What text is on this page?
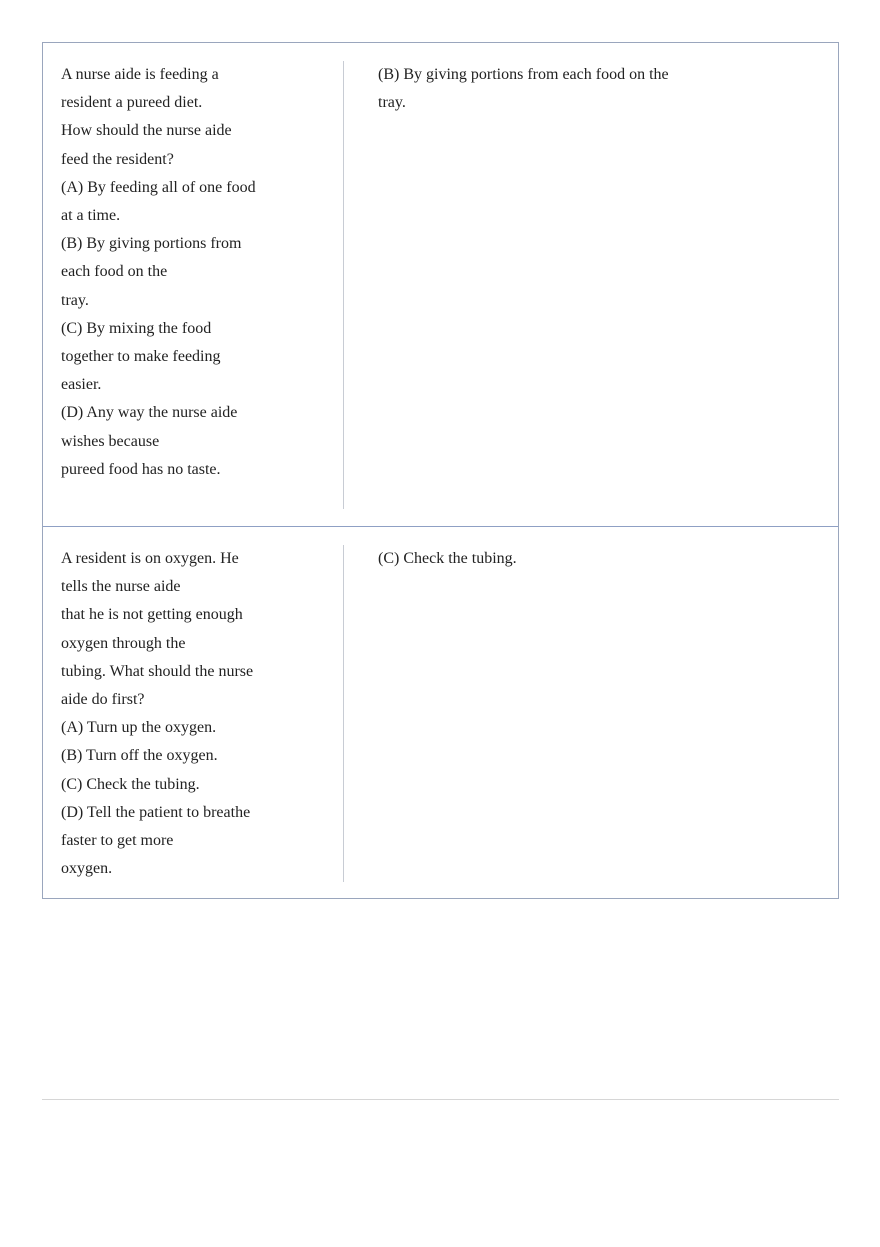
A nurse aide is feeding a
resident a pureed diet.
How should the nurse aide
feed the resident?
(A) By feeding all of one food
at a time.
(B) By giving portions from
each food on the
tray.
(C) By mixing the food
together to make feeding
easier.
(D) Any way the nurse aide
wishes because
pureed food has no taste.
(B) By giving portions from each food on the
tray.
A resident is on oxygen. He
tells the nurse aide
that he is not getting enough
oxygen through the
tubing. What should the nurse
aide do first?
(A) Turn up the oxygen.
(B) Turn off the oxygen.
(C) Check the tubing.
(D) Tell the patient to breathe
faster to get more
oxygen.
(C) Check the tubing.
